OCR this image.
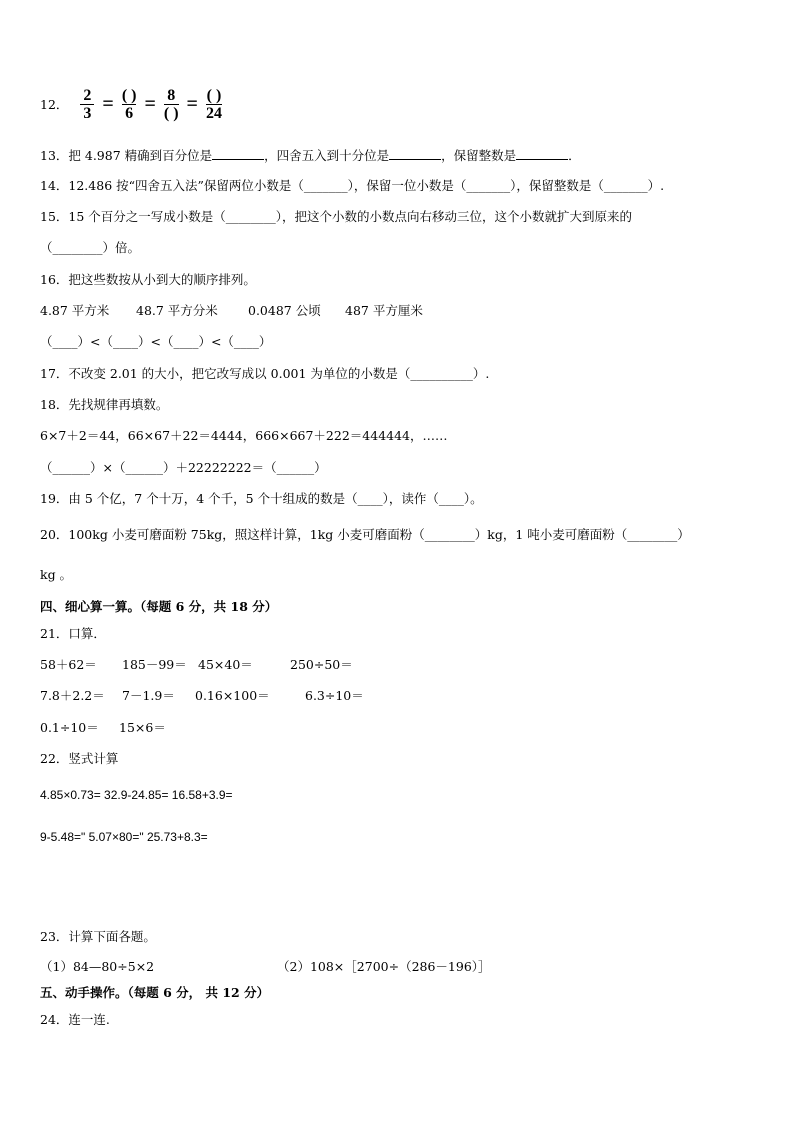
12． $\frac{2}{3} = \frac{( )}{6} = \frac{8}{( )} = \frac{( )}{24}$
13．把 4.987 精确到百分位是	，四舍五入到十分位是	，保留整数是	．
14．12.486 按“四舍五入法”保留两位小数是（_______），保留一位小数是（_______），保留整数是（_______）.
15．15 个百分之一写成小数是（________），把这个小数的小数点向右移动三位，这个小数就扩大到原来的
（________）倍。
16．把这些数按从小到大的顺序排列。
4.87 平方米 48.7 平方分米 0.0487 公顷 487 平方厘米
（____）<（____）<（____）<（____）
17．不改变 2.01 的大小，把它改写成以 0.001 为单位的小数是（__________）.
18．先找规律再填数。
6×7＋2＝44，66×67＋22＝4444，666×667＋222＝444444，……
（______）×（______）＋22222222＝（______）
19．由 5 个亿，7 个十万，4 个千，5 个十组成的数是（____），读作（____）。
20．100kg 小麦可磨面粉 75kg，照这样计算，1kg 小麦可磨面粉（________）kg，1 吨小麦可磨面粉（________）
kg 。
四、细心算一算。（每题 6 分，共 18 分）
21．口算．
58＋62＝ 185－99＝ 45×40＝	250÷50＝
7.8＋2.2＝ 7－1.9＝ 0.16×100＝	6.3÷10＝
0.1÷10＝ 15×6＝
22．竖式计算
4.85×0.73= 32.9-24.85= 16.58+3.9=
9-5.48=" 5.07×80=" 25.73+8.3=
23．计算下面各题。
（1）84—80÷5×2	（2）108×［2700÷（286－196）］
五、动手操作。（每题 6 分， 共 12 分）
24．连一连.
